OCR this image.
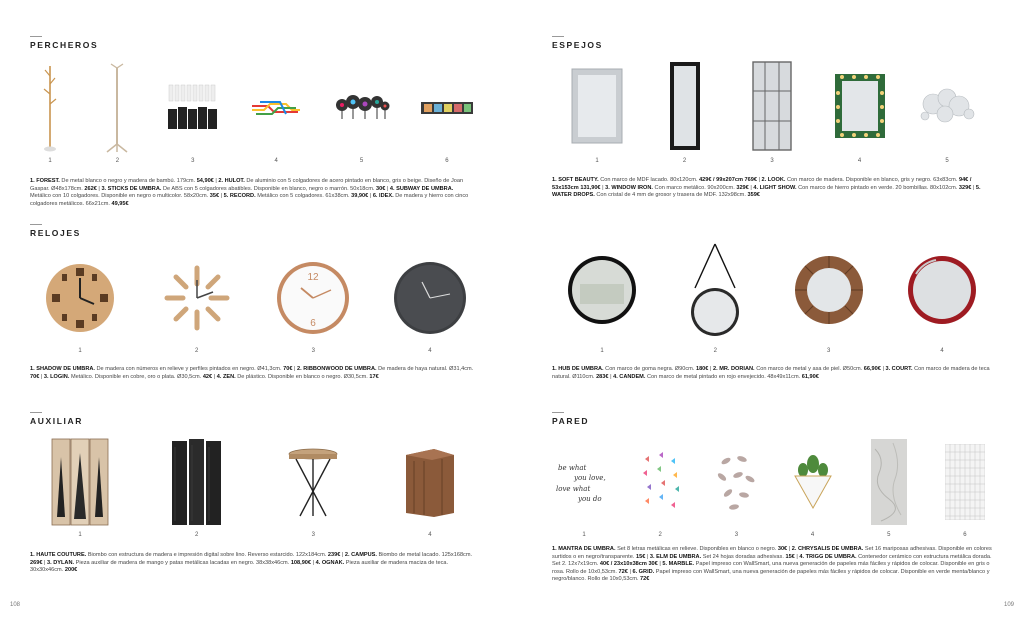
PERCHEROS
1	2	3	4	5	6

1. FOREST. De metal blanco o negro y madera de bambú. 179cm. 54,90€ | 2. HULOT. De aluminio con 5 colgadores de acero pintado en blanco, gris o beige. Diseño de Joan Gaspar. Ø48x178cm. 262€ | 3. STICKS DE UMBRA. De ABS con 5 colgadores abatibles. Disponible en blanco, negro o marrón. 50x18cm. 30€ | 4. SUBWAY DE UMBRA. Metálico con 10 colgadores. Disponible en negro o multicolor. 58x20cm. 35€ | 5. RECORD. Metálico con 5 colgadores. 61x38cm. 39,90€ | 6. IDEX. De madera y hierro con cinco colgadores metálicos. 66x21cm. 49,95€

RELOJES
1	2
12
6
3	4

1. SHADOW DE UMBRA. De madera con números en relieve y perfiles pintados en negro. Ø41,3cm. 70€ | 2. RIBBONWOOD DE UMBRA. De madera de haya natural. Ø31,4cm. 70€ | 3. LOGIN. Metálico. Disponible en cobre, oro o plata. Ø30,5cm. 42€ | 4. ZEN. De plástico. Disponible en blanco o negro. Ø30,5cm. 17€

AUXILIAR
1	2	3	4

1. HAUTE COUTURE. Biombo con estructura de madera e impresión digital sobre lino. Reverso estarcido. 122x184cm. 239€ | 2. CAMPUS. Biombo de metal lacado. 125x168cm. 269€ | 3. DYLAN. Pieza auxiliar de madera de mango y patas metálicas lacadas en negro. 38x38x46cm. 108,90€ | 4. OGNAK. Pieza auxiliar de madera maciza de teca. 30x30x46cm. 200€

108
ESPEJOS
1	2	3	4	5

1. SOFT BEAUTY. Con marco de MDF lacado. 80x120cm. 429€ / 99x207cm 769€ | 2. LOOK. Con marco de madera. Disponible en blanco, gris y negro. 63x83cm. 94€ / 53x153cm 131,90€ | 3. WINDOW IRON. Con marco metálico. 90x200cm. 329€ | 4. LIGHT SHOW. Con marco de hierro pintado en verde. 20 bombillas. 80x102cm. 329€ | 5. WATER DROPS. Con cristal de 4 mm de grosor y trasera de MDF. 132x98cm. 359€

1	2	3	4

1. HUB DE UMBRA. Con marco de goma negra. Ø90cm. 180€ | 2. MR. DORIAN. Con marco de metal y asa de piel. Ø50cm. 66,90€ | 3. COURT. Con marco de madera de teca natural. Ø110cm. 283€ | 4. CANDEM. Con marco de metal pintado en rojo envejecido. 48x49x11cm. 61,90€

PARED
be what
you love,
love what
you do
1	2	3	4	5	6

1. MANTRA DE UMBRA. Set 8 letras metálicas en relieve. Disponibles en blanco o negro. 30€ | 2. CHRYSALIS DE UMBRA. Set 16 mariposas adhesivas. Disponible en colores surtidos o en negro/transparente. 15€ | 3. ELM DE UMBRA. Set 24 hojas doradas adhesivas. 15€ | 4. TRIGG DE UMBRA. Contenedor cerámico con estructura metálica dorada. Set 2. 12x7x19cm. 40€ / 23x10x38cm 30€ | 5. MARBLE. Papel impreso con WallSmart, una nueva generación de papeles más fáciles y rápidos de colocar. Disponible en gris o rosa. Rollo de 10x0,53cm. 72€ | 6. GRID. Papel impreso con WallSmart, una nueva generación de papeles más fáciles y rápidos de colocar. Disponible en verde menta/blanco y negro/blanco. Rollo de 10x0,53cm. 72€

109
